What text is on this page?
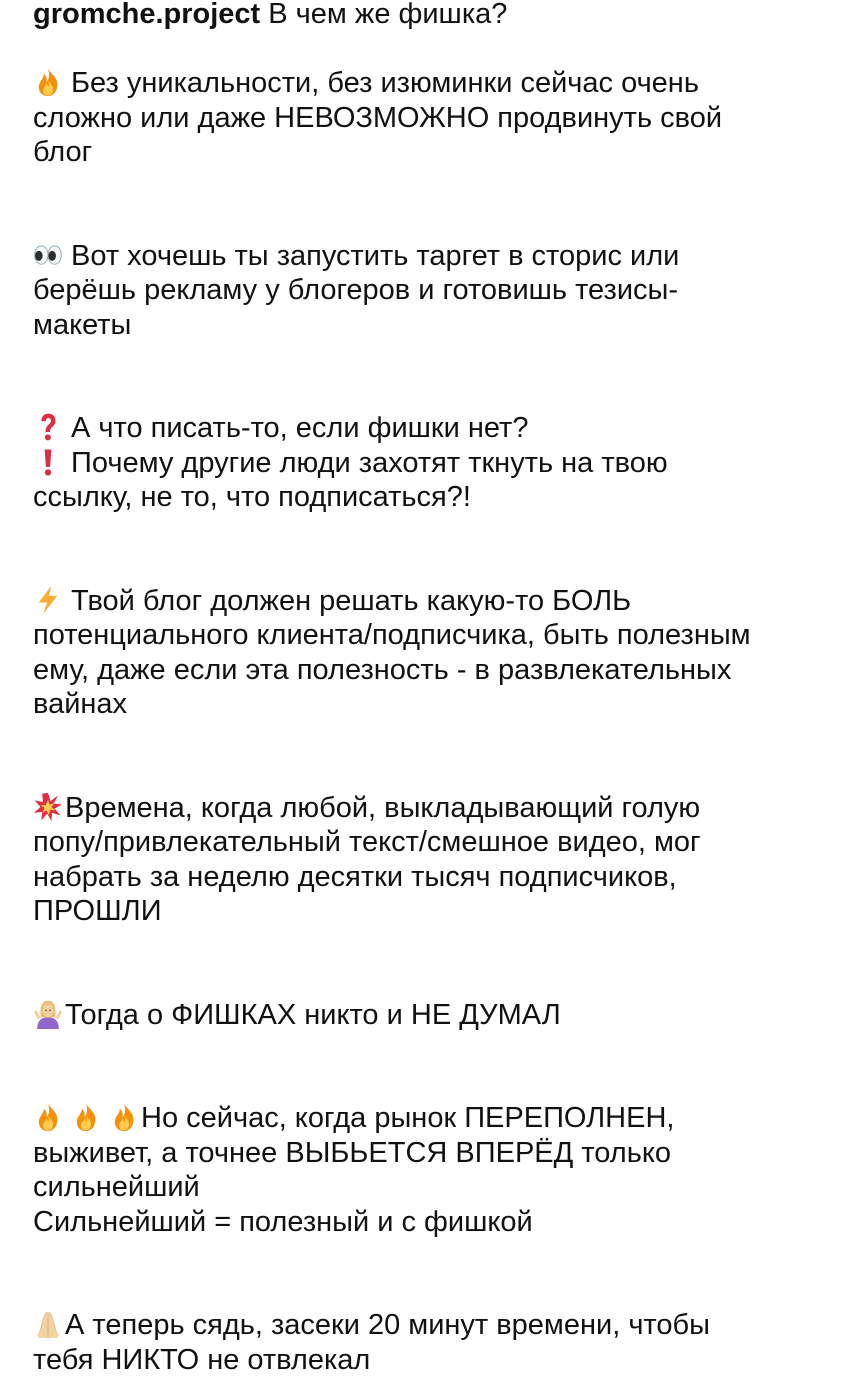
gromche.project В чем же фишка?
Без уникальности, без изюминки сейчас очень
сложно или даже НЕВОЗМОЖНО продвинуть свой
блог
Вот хочешь ты запустить таргет в сторис или
берёшь рекламу у блогеров и готовишь тезисы-
макеты
А что писать-то, если фишки нет?
Почему другие люди захотят ткнуть на твою
ссылку, не то, что подписаться?!
Твой блог должен решать какую-то БОЛЬ
потенциального клиента/подписчика, быть полезным
ему, даже если эта полезность - в развлекательных
вайнах
Времена, когда любой, выкладывающий голую
попу/привлекательный текст/смешное видео, мог
набрать за неделю десятки тысяч подписчиков,
ПРОШЛИ
Тогда о ФИШКАХ никто и НЕ ДУМАЛ
Но сейчас, когда рынок ПЕРЕПОЛНЕН,
выживет, а точнее ВЫБЬЕТСЯ ВПЕРЁД только
сильнейший
Сильнейший = полезный и с фишкой
А теперь сядь, засеки 20 минут времени, чтобы
тебя НИКТО не отвлекал
